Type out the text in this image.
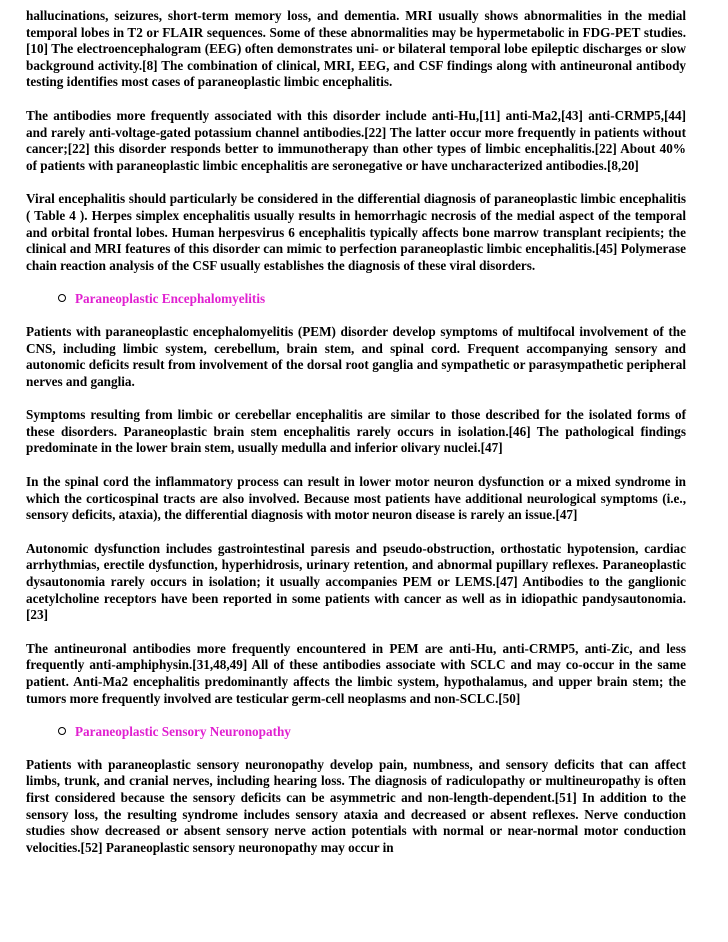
hallucinations, seizures, short-term memory loss, and dementia. MRI usually shows abnormalities in the medial temporal lobes in T2 or FLAIR sequences. Some of these abnormalities may be hypermetabolic in FDG-PET studies.[10] The electroencephalogram (EEG) often demonstrates uni- or bilateral temporal lobe epileptic discharges or slow background activity.[8] The combination of clinical, MRI, EEG, and CSF findings along with antineuronal antibody testing identifies most cases of paraneoplastic limbic encephalitis.

The antibodies more frequently associated with this disorder include anti-Hu,[11] anti-Ma2,[43] anti-CRMP5,[44] and rarely anti-voltage-gated potassium channel antibodies.[22] The latter occur more frequently in patients without cancer;[22] this disorder responds better to immunotherapy than other types of limbic encephalitis.[22] About 40% of patients with paraneoplastic limbic encephalitis are seronegative or have uncharacterized antibodies.[8,20]

Viral encephalitis should particularly be considered in the differential diagnosis of paraneoplastic limbic encephalitis ( Table 4 ). Herpes simplex encephalitis usually results in hemorrhagic necrosis of the medial aspect of the temporal and orbital frontal lobes. Human herpesvirus 6 encephalitis typically affects bone marrow transplant recipients; the clinical and MRI features of this disorder can mimic to perfection paraneoplastic limbic encephalitis.[45] Polymerase chain reaction analysis of the CSF usually establishes the diagnosis of these viral disorders.

Paraneoplastic Encephalomyelitis

Patients with paraneoplastic encephalomyelitis (PEM) disorder develop symptoms of multifocal involvement of the CNS, including limbic system, cerebellum, brain stem, and spinal cord. Frequent accompanying sensory and autonomic deficits result from involvement of the dorsal root ganglia and sympathetic or parasympathetic peripheral nerves and ganglia.

Symptoms resulting from limbic or cerebellar encephalitis are similar to those described for the isolated forms of these disorders. Paraneoplastic brain stem encephalitis rarely occurs in isolation.[46] The pathological findings predominate in the lower brain stem, usually medulla and inferior olivary nuclei.[47]

In the spinal cord the inflammatory process can result in lower motor neuron dysfunction or a mixed syndrome in which the corticospinal tracts are also involved. Because most patients have additional neurological symptoms (i.e., sensory deficits, ataxia), the differential diagnosis with motor neuron disease is rarely an issue.[47]

Autonomic dysfunction includes gastrointestinal paresis and pseudo-obstruction, orthostatic hypotension, cardiac arrhythmias, erectile dysfunction, hyperhidrosis, urinary retention, and abnormal pupillary reflexes. Paraneoplastic dysautonomia rarely occurs in isolation; it usually accompanies PEM or LEMS.[47] Antibodies to the ganglionic acetylcholine receptors have been reported in some patients with cancer as well as in idiopathic pandysautonomia.[23]

The antineuronal antibodies more frequently encountered in PEM are anti-Hu, anti-CRMP5, anti-Zic, and less frequently anti-amphiphysin.[31,48,49] All of these antibodies associate with SCLC and may co-occur in the same patient. Anti-Ma2 encephalitis predominantly affects the limbic system, hypothalamus, and upper brain stem; the tumors more frequently involved are testicular germ-cell neoplasms and non-SCLC.[50]

Paraneoplastic Sensory Neuronopathy

Patients with paraneoplastic sensory neuronopathy develop pain, numbness, and sensory deficits that can affect limbs, trunk, and cranial nerves, including hearing loss. The diagnosis of radiculopathy or multineuropathy is often first considered because the sensory deficits can be asymmetric and non-length-dependent.[51] In addition to the sensory loss, the resulting syndrome includes sensory ataxia and decreased or absent reflexes. Nerve conduction studies show decreased or absent sensory nerve action potentials with normal or near-normal motor conduction velocities.[52] Paraneoplastic sensory neuronopathy may occur in
